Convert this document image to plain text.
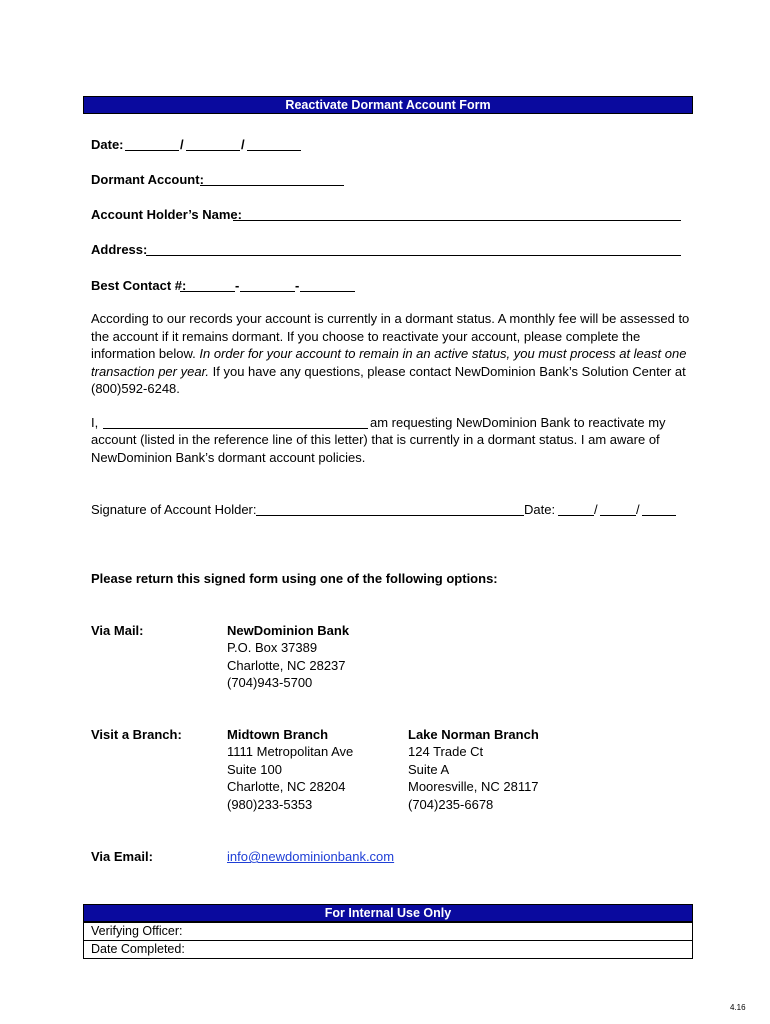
Reactivate Dormant Account Form
Date:	/	/
Dormant Account:
Account Holder’s Name:
Address:
Best Contact #:	-	-
According to our records your account is currently in a dormant status. A monthly fee will be assessed to the account if it remains dormant. If you choose to reactivate your account, please complete the information below. In order for your account to remain in an active status, you must process at least one transaction per year. If you have any questions, please contact NewDominion Bank’s Solution Center at (800)592-6248.
I,	am requesting NewDominion Bank to reactivate my
account (listed in the reference line of this letter) that is currently in a dormant status. I am aware of
NewDominion Bank’s dormant account policies.
Signature of Account Holder:	Date:	/	/
Please return this signed form using one of the following options:
Via Mail:	NewDominion Bank
P.O. Box 37389
Charlotte, NC 28237
(704)943-5700
Visit a Branch:	Midtown Branch
1111 Metropolitan Ave
Suite 100
Charlotte, NC 28204
(980)233-5353
Lake Norman Branch
124 Trade Ct
Suite A
Mooresville, NC 28117
(704)235-6678
Via Email:	info@newdominionbank.com
For Internal Use Only
Verifying Officer:
Date Completed:
4.16
